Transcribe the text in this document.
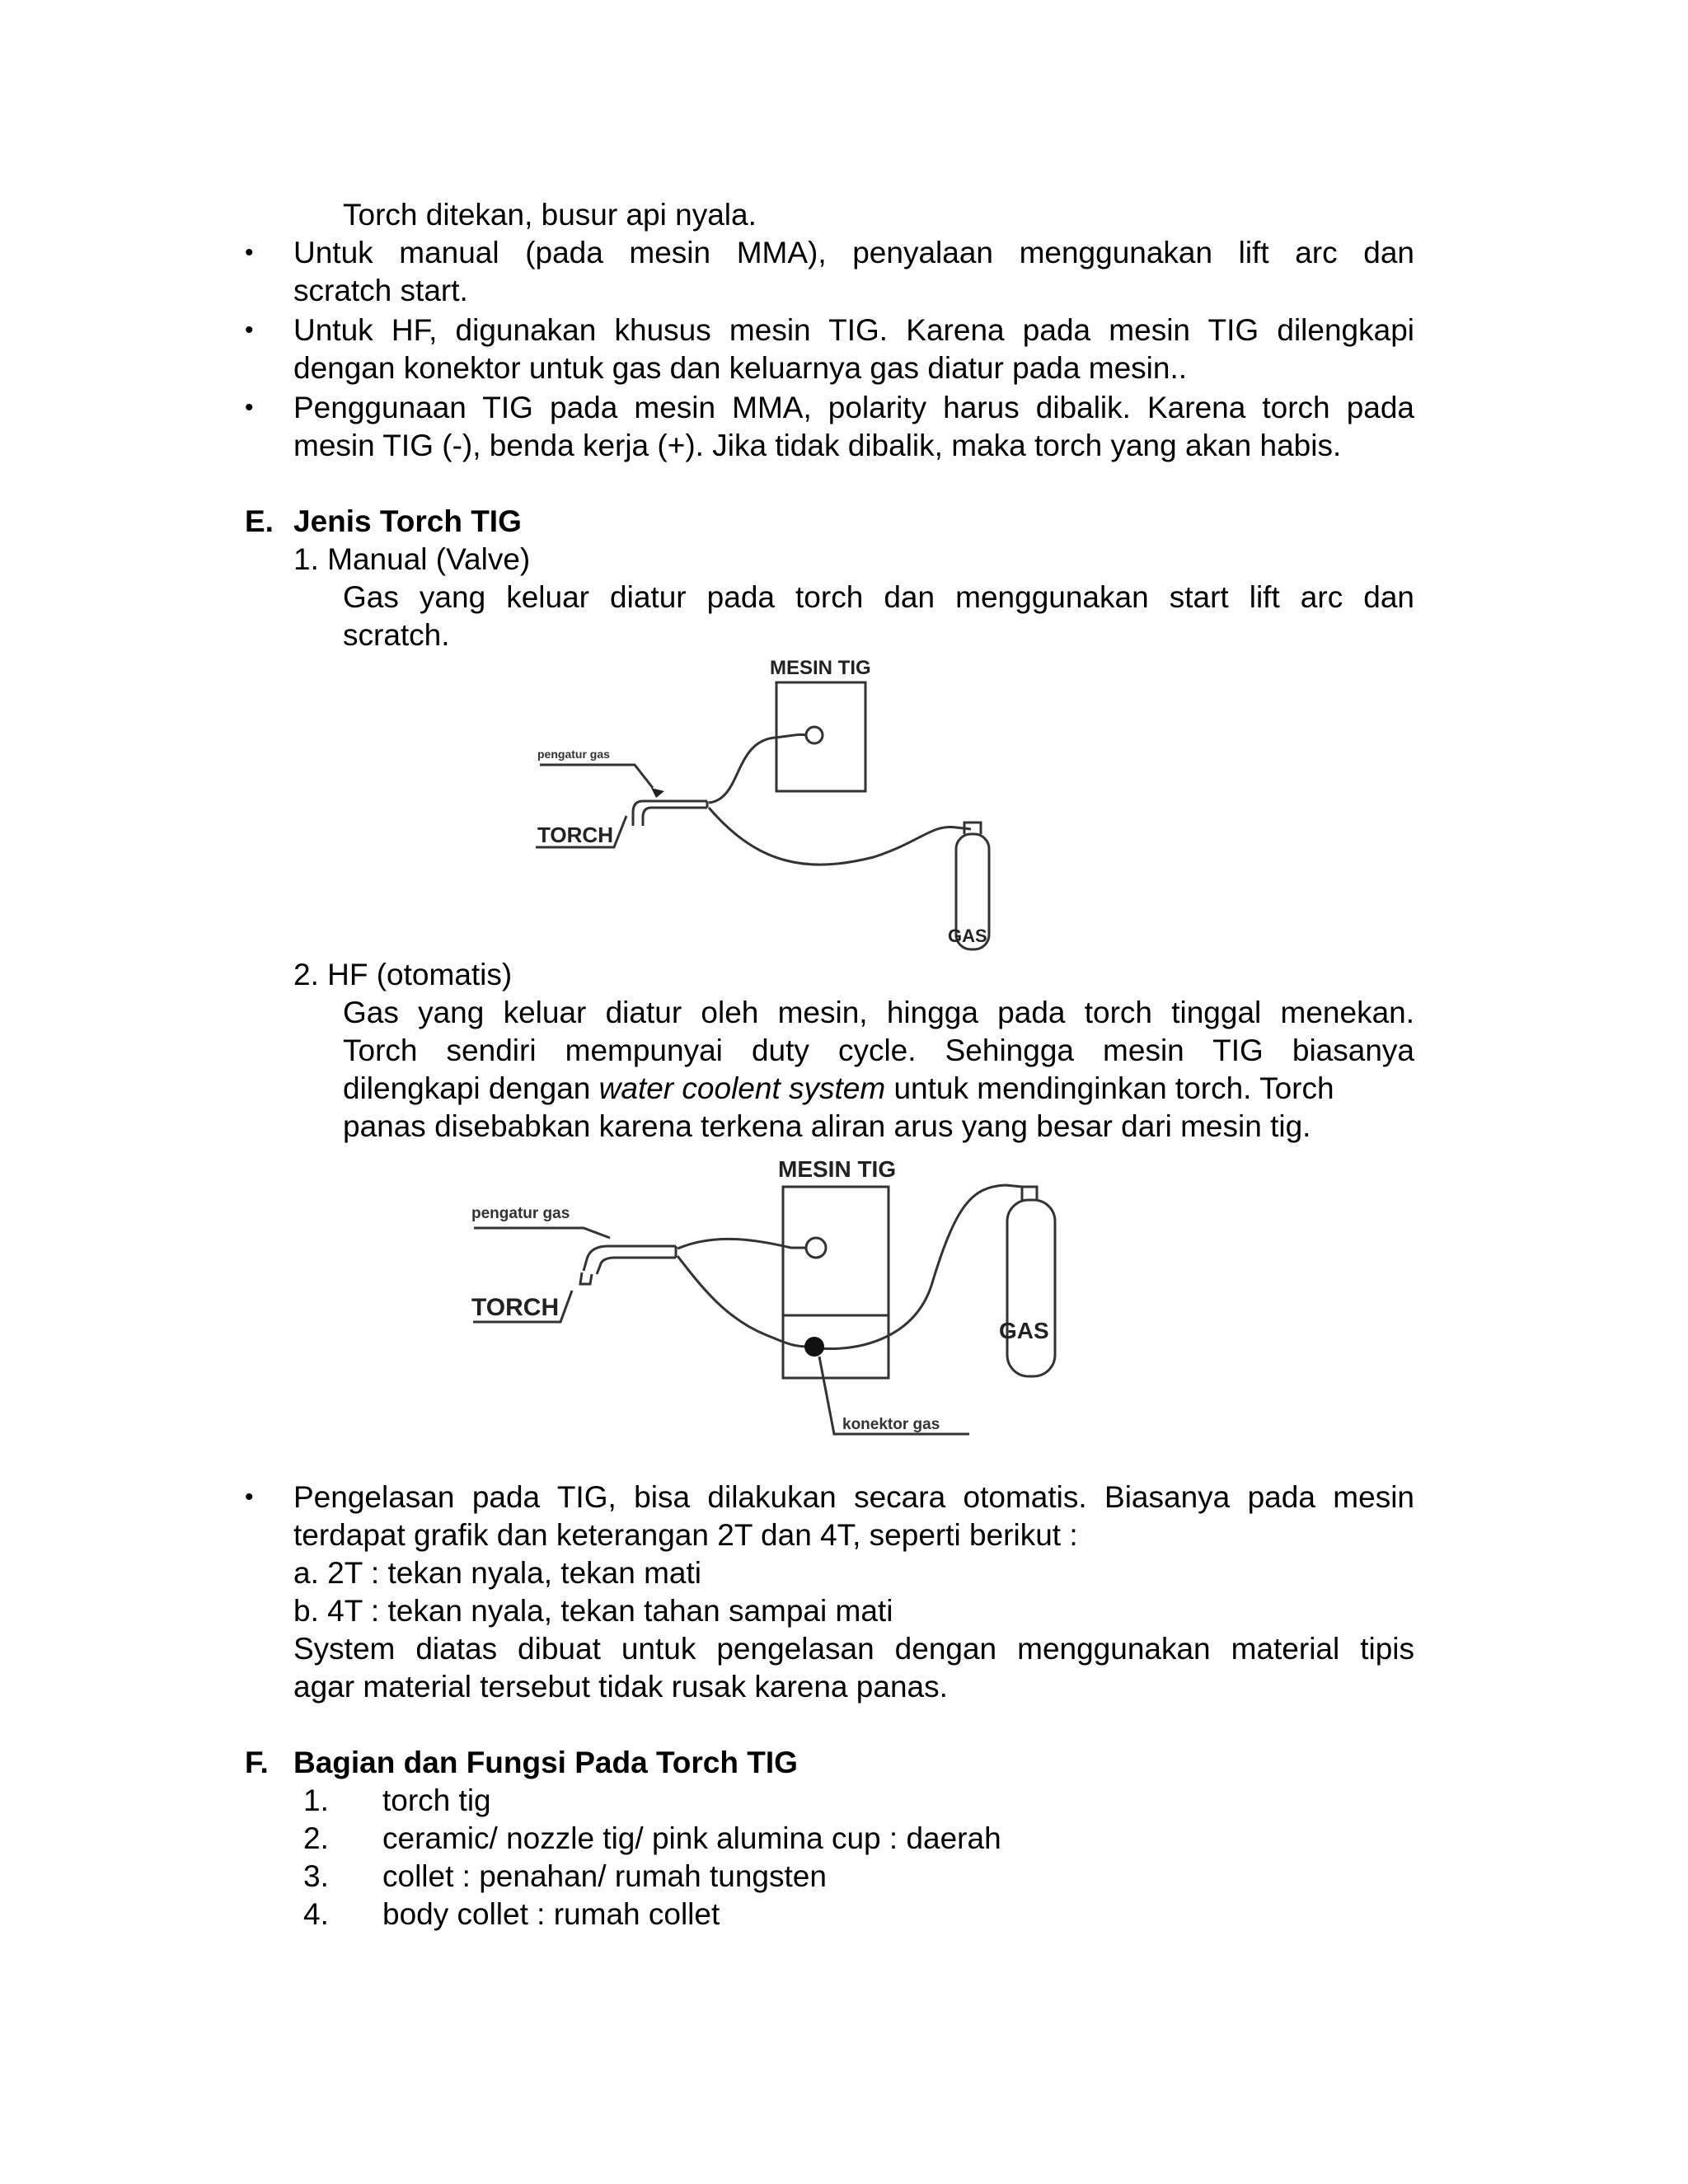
Torch ditekan, busur api nyala.
• Untuk manual (pada mesin MMA), penyalaan menggunakan lift arc dan
scratch start.
• Untuk HF, digunakan khusus mesin TIG. Karena pada mesin TIG dilengkapi
dengan konektor untuk gas dan keluarnya gas diatur pada mesin..
• Penggunaan TIG pada mesin MMA, polarity harus dibalik. Karena torch pada
mesin TIG (-), benda kerja (+). Jika tidak dibalik, maka torch yang akan habis.
E. Jenis Torch TIG
1. Manual (Valve)
Gas yang keluar diatur pada torch dan menggunakan start lift arc dan
scratch.
MESIN TIG
pengatur gas
TORCH
GAS
2. HF (otomatis)
Gas yang keluar diatur oleh mesin, hingga pada torch tinggal menekan.
Torch sendiri mempunyai duty cycle. Sehingga mesin TIG biasanya
dilengkapi dengan water coolent system untuk mendinginkan torch. Torch
panas disebabkan karena terkena aliran arus yang besar dari mesin tig.
MESIN TIG
pengatur gas
TORCH
GAS
konektor gas
• Pengelasan pada TIG, bisa dilakukan secara otomatis. Biasanya pada mesin
terdapat grafik dan keterangan 2T dan 4T, seperti berikut :
a. 2T : tekan nyala, tekan mati
b. 4T : tekan nyala, tekan tahan sampai mati
System diatas dibuat untuk pengelasan dengan menggunakan material tipis
agar material tersebut tidak rusak karena panas.
F. Bagian dan Fungsi Pada Torch TIG
1. torch tig
2. ceramic/ nozzle tig/ pink alumina cup : daerah
3. collet : penahan/ rumah tungsten
4. body collet : rumah collet
